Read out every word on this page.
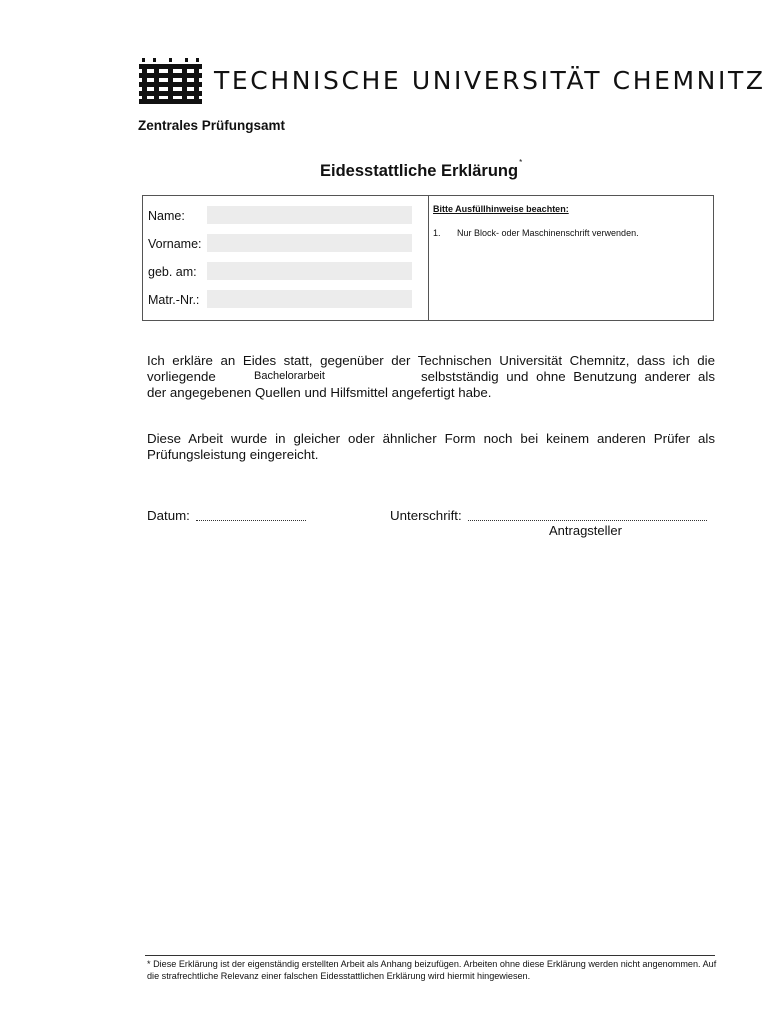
TECHNISCHE UNIVERSITÄT CHEMNITZ
Zentrales Prüfungsamt
Eidesstattliche Erklärung*
Name:
Vorname:
geb. am:
Matr.-Nr.:
Bitte Ausfüllhinweise beachten:
1. Nur Block- oder Maschinenschrift verwenden.
Ich erkläre an Eides statt, gegenüber der Technischen Universität Chemnitz, dass ich die
vorliegende	Bachelorarbeit	selbstständig und ohne Benutzung anderer als
der angegebenen Quellen und Hilfsmittel angefertigt habe.
Diese Arbeit wurde in gleicher oder ähnlicher Form noch bei keinem anderen Prüfer als
Prüfungsleistung eingereicht.
Datum:	Unterschrift:
Antragsteller
* Diese Erklärung ist der eigenständig erstellten Arbeit als Anhang beizufügen. Arbeiten ohne diese Erklärung werden nicht angenommen. Auf die strafrechtliche Relevanz einer falschen Eidesstattlichen Erklärung wird hiermit hingewiesen.
